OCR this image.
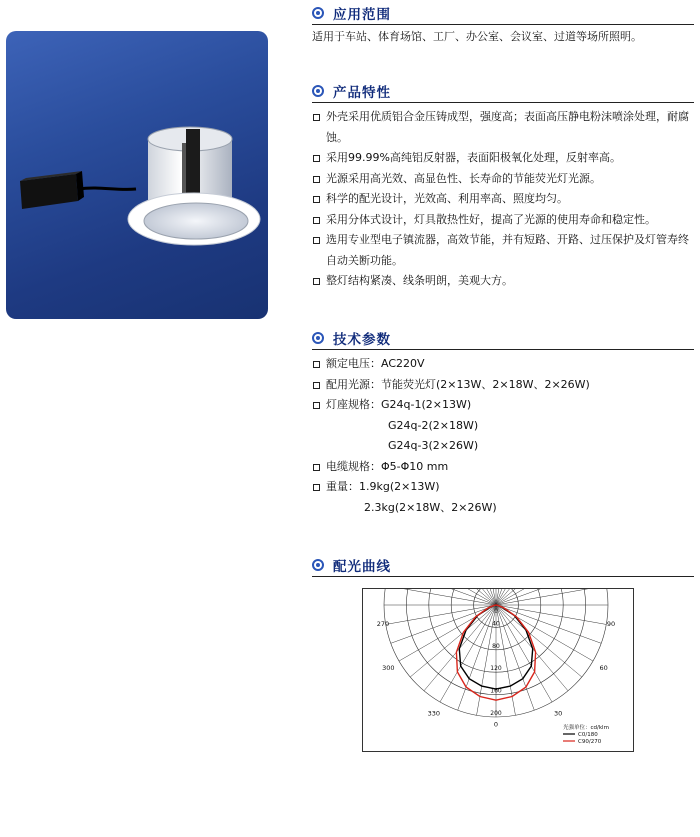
应用范围
适用于车站、体育场馆、工厂、办公室、会议室、过道等场所照明。
产品特性
外壳采用优质铝合金压铸成型，强度高；表面高压静电粉沫喷涂处理，耐腐蚀。
采用99.99%高纯铝反射器，表面阳极氧化处理，反射率高。
光源采用高光效、高显色性、长寿命的节能荧光灯光源。
科学的配光设计，光效高、利用率高、照度均匀。
采用分体式设计，灯具散热性好，提高了光源的使用寿命和稳定性。
选用专业型电子镇流器，高效节能，并有短路、开路、过压保护及灯管寿终自动关断功能。
整灯结构紧凑、线条明朗，美观大方。
技术参数
额定电压：AC220V
配用光源：节能荧光灯(2×13W、2×18W、2×26W)
灯座规格：G24q-1(2×13W)
G24q-2(2×18W)
G24q-3(2×26W)
电缆规格：Φ5-Φ10 mm
重量：1.9kg(2×13W)
2.3kg(2×18W、2×26W)
配光曲线
0
270	90
300	60
330	30
0
40
80
120
160
200
光强单位：cd/klm
C0/180
C90/270
